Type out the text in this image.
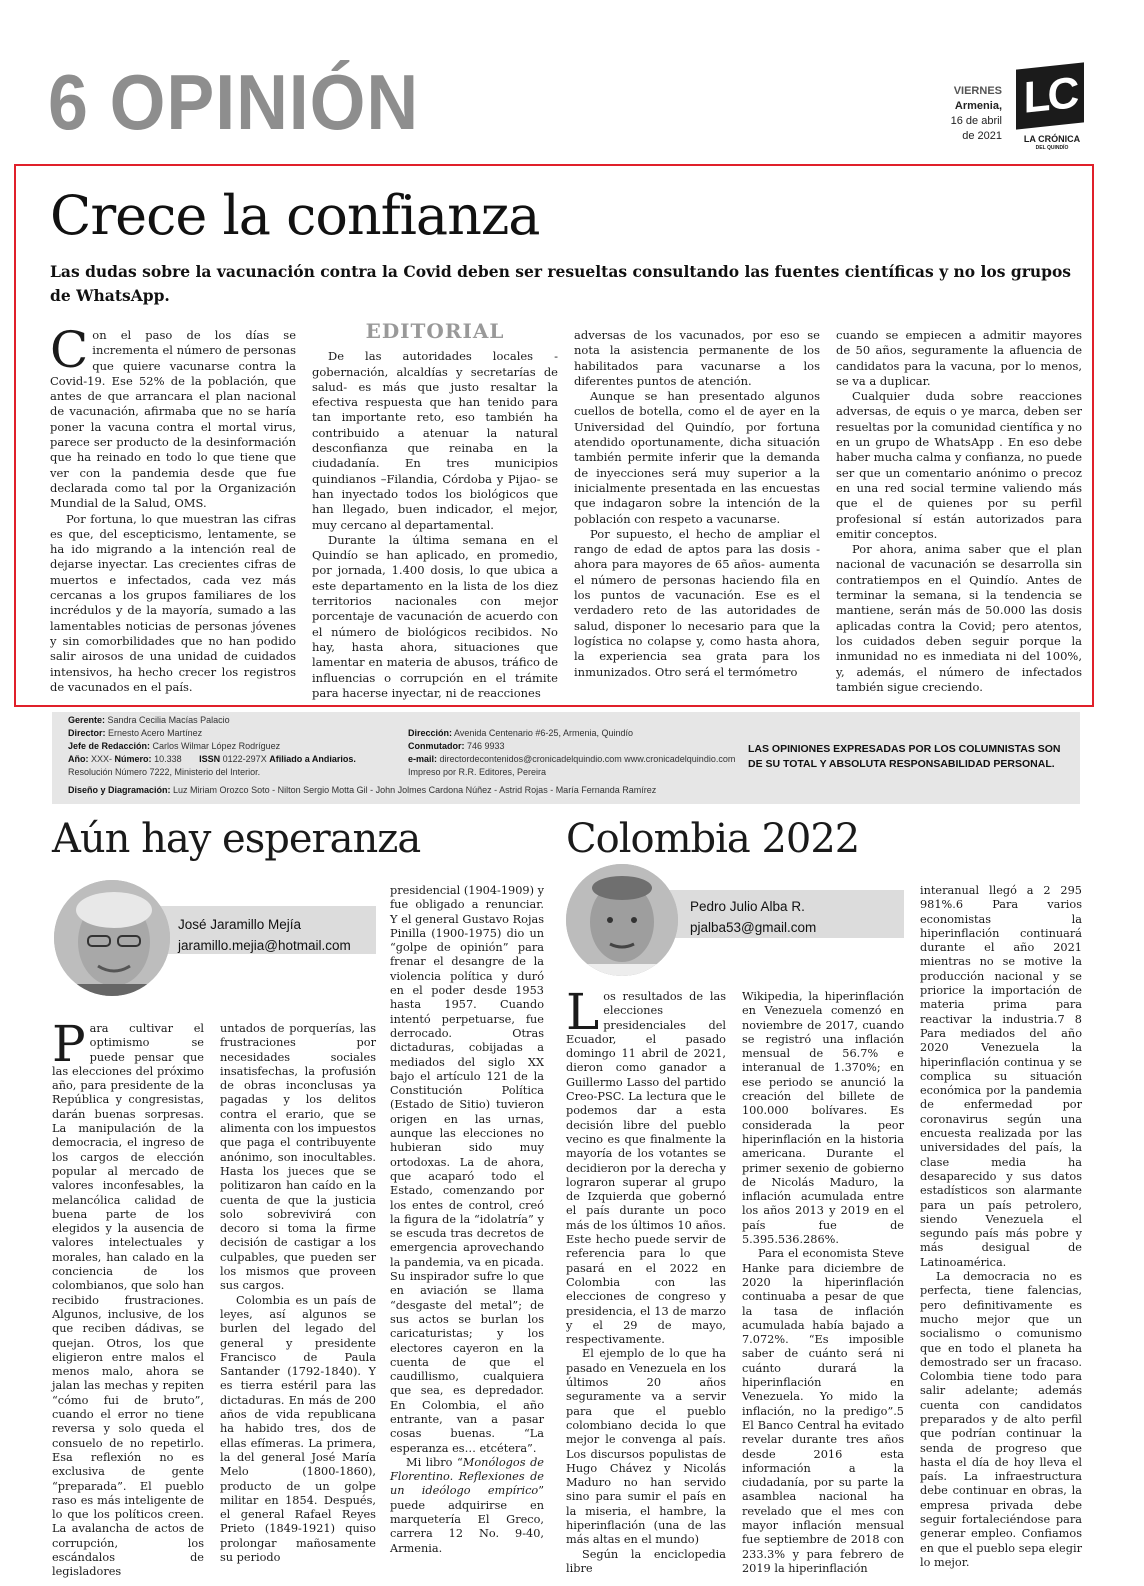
6 OPINIÓN	VIERNES
Armenia,
16 de abril
de 2021
LC
LA CRÓNICA
DEL QUINDÍO
Crece la confianza
Las dudas sobre la vacunación contra la Covid deben ser resueltas consultando las fuentes científicas y no los grupos de WhatsApp.

Con el paso de los días se incrementa el número de personas que quiere vacunarse contra la Covid-19. Ese 52% de la población, que antes de que arrancara el plan nacional de vacunación, afirmaba que no se haría poner la vacuna contra el mortal virus, parece ser producto de la desinformación que ha reinado en todo lo que tiene que ver con la pandemia desde que fue declarada como tal por la Organización Mundial de la Salud, OMS.

Por fortuna, lo que muestran las cifras es que, del escepticismo, lentamente, se ha ido migrando a la intención real de dejarse inyectar. Las crecientes cifras de muertos e infectados, cada vez más cercanas a los grupos familiares de los incrédulos y de la mayoría, sumado a las lamentables noticias de personas jóvenes y sin comorbilidades que no han podido salir airosos de una unidad de cuidados intensivos, ha hecho crecer los registros de vacunados en el país.

EDITORIAL

De las autoridades locales -gobernación, alcaldías y secretarías de salud- es más que justo resaltar la efectiva respuesta que han tenido para tan importante reto, eso también ha contribuido a atenuar la natural desconfianza que reinaba en la ciudadanía. En tres municipios quindianos –Filandia, Córdoba y Pijao- se han inyectado todos los biológicos que han llegado, buen indicador, el mejor, muy cercano al departamental.

Durante la última semana en el Quindío se han aplicado, en promedio, por jornada, 1.400 dosis, lo que ubica a este departamento en la lista de los diez territorios nacionales con mejor porcentaje de vacunación de acuerdo con el número de biológicos recibidos. No hay, hasta ahora, situaciones que lamentar en materia de abusos, tráfico de influencias o corrupción en el trámite para hacerse inyectar, ni de reacciones

adversas de los vacunados, por eso se nota la asistencia permanente de los habilitados para vacunarse a los diferentes puntos de atención.

Aunque se han presentado algunos cuellos de botella, como el de ayer en la Universidad del Quindío, por fortuna atendido oportunamente, dicha situación también permite inferir que la demanda de inyecciones será muy superior a la inicialmente presentada en las encuestas que indagaron sobre la intención de la población con respeto a vacunarse.

Por supuesto, el hecho de ampliar el rango de edad de aptos para las dosis -ahora para mayores de 65 años- aumenta el número de personas haciendo fila en los puntos de vacunación. Ese es el verdadero reto de las autoridades de salud, disponer lo necesario para que la logística no colapse y, como hasta ahora, la experiencia sea grata para los inmunizados. Otro será el termómetro

cuando se empiecen a admitir mayores de 50 años, seguramente la afluencia de candidatos para la vacuna, por lo menos, se va a duplicar.

Cualquier duda sobre reacciones adversas, de equis o ye marca, deben ser resueltas por la comunidad científica y no en un grupo de WhatsApp . En eso debe haber mucha calma y confianza, no puede ser que un comentario anónimo o precoz en una red social termine valiendo más que el de quienes por su perfil profesional sí están autorizados para emitir conceptos.

Por ahora, anima saber que el plan nacional de vacunación se desarrolla sin contratiempos en el Quindío. Antes de terminar la semana, si la tendencia se mantiene, serán más de 50.000 las dosis aplicadas contra la Covid; pero atentos, los cuidados deben seguir porque la inmunidad no es inmediata ni del 100%, y, además, el número de infectados también sigue creciendo.

Gerente: Sandra Cecilia Macías Palacio
Director: Ernesto Acero Martínez
Jefe de Redacción: Carlos Wilmar López Rodríguez
Año: XXX- Número: 10.338 ISSN 0122-297X Afiliado a Andiarios.
Resolución Número 7222, Ministerio del Interior.
Diseño y Diagramación: Luz Miriam Orozco Soto - Nilton Sergio Motta Gil - John Jolmes Cardona Núñez - Astrid Rojas - María Fernanda Ramírez
Dirección: Avenida Centenario #6-25, Armenia, Quindío
Conmutador: 746 9933
e-mail: directordecontenidos@cronicadelquindio.com www.cronicadelquindio.com
Impreso por R.R. Editores, Pereira
LAS OPINIONES EXPRESADAS POR LOS COLUMNISTAS SON DE SU TOTAL Y ABSOLUTA RESPONSABILIDAD PERSONAL.
Aún hay esperanza
José Jaramillo Mejía
jaramillo.mejia@hotmail.com

Para cultivar el optimismo se puede pensar que las elecciones del próximo año, para presidente de la República y congresistas, darán buenas sorpresas. La manipulación de la democracia, el ingreso de los cargos de elección popular al mercado de valores inconfesables, la melancólica calidad de buena parte de los elegidos y la ausencia de valores intelectuales y morales, han calado en la conciencia de los colombianos, que solo han recibido frustraciones. Algunos, inclusive, de los que reciben dádivas, se quejan. Otros, los que eligieron entre malos el menos malo, ahora se jalan las mechas y repiten “cómo fui de bruto”, cuando el error no tiene reversa y solo queda el consuelo de no repetirlo. Esa reflexión no es exclusiva de gente “preparada”. El pueblo raso es más inteligente de lo que los políticos creen. La avalancha de actos de corrupción, los escándalos de legisladores

untados de porquerías, las frustraciones por necesidades sociales insatisfechas, la profusión de obras inconclusas ya pagadas y los delitos contra el erario, que se alimenta con los impuestos que paga el contribuyente anónimo, son inocultables. Hasta los jueces que se politizaron han caído en la cuenta de que la justicia solo sobrevivirá con decoro si toma la firme decisión de castigar a los culpables, que pueden ser los mismos que proveen sus cargos.

Colombia es un país de leyes, así algunos se burlen del legado del general y presidente Francisco de Paula Santander (1792-1840). Y es tierra estéril para las dictaduras. En más de 200 años de vida republicana ha habido tres, dos de ellas efímeras. La primera, la del general José María Melo (1800-1860), producto de un golpe militar en 1854. Después, el general Rafael Reyes Prieto (1849-1921) quiso prolongar mañosamente su periodo

presidencial (1904-1909) y fue obligado a renunciar. Y el general Gustavo Rojas Pinilla (1900-1975) dio un “golpe de opinión” para frenar el desangre de la violencia política y duró en el poder desde 1953 hasta 1957. Cuando intentó perpetuarse, fue derrocado. Otras dictaduras, cobijadas a mediados del siglo XX bajo el artículo 121 de la Constitución Política (Estado de Sitio) tuvieron origen en las urnas, aunque las elecciones no hubieran sido muy ortodoxas. La de ahora, que acaparó todo el Estado, comenzando por los entes de control, creó la figura de la “idolatría” y se escuda tras decretos de emergencia aprovechando la pandemia, va en picada. Su inspirador sufre lo que en aviación se llama “desgaste del metal”; de sus actos se burlan los caricaturistas; y los electores cayeron en la cuenta de que el caudillismo, cualquiera que sea, es depredador. En Colombia, el año entrante, van a pasar cosas buenas. “La esperanza es… etcétera”.

Mi libro “Monólogos de Florentino. Reflexiones de un ideólogo empírico” puede adquirirse en marquetería El Greco, carrera 12 No. 9-40, Armenia.

Colombia 2022
Pedro Julio Alba R.
pjalba53@gmail.com

Los resultados de las elecciones presidenciales del Ecuador, el pasado domingo 11 abril de 2021, dieron como ganador a Guillermo Lasso del partido Creo-PSC. La lectura que le podemos dar a esta decisión libre del pueblo vecino es que finalmente la mayoría de los votantes se decidieron por la derecha y lograron superar al grupo de Izquierda que gobernó el país durante un poco más de los últimos 10 años. Este hecho puede servir de referencia para lo que pasará en el 2022 en Colombia con las elecciones de congreso y presidencia, el 13 de marzo y el 29 de mayo, respectivamente.

El ejemplo de lo que ha pasado en Venezuela en los últimos 20 años seguramente va a servir para que el pueblo colombiano decida lo que mejor le convenga al país. Los discursos populistas de Hugo Chávez y Nicolás Maduro no han servido sino para sumir el país en la miseria, el hambre, la hiperinflación (una de las más altas en el mundo)

Según la enciclopedia libre

Wikipedia, la hiperinflación en Venezuela comenzó en noviembre de 2017, cuando se registró una inflación mensual de 56.7% e interanual de 1.370%; en ese periodo se anunció la creación del billete de 100.000 bolívares. Es considerada la peor hiperinflación en la historia americana. Durante el primer sexenio de gobierno de Nicolás Maduro, la inflación acumulada entre los años 2013 y 2019 en el país fue de 5.395.536.286%.

Para el economista Steve Hanke para diciembre de 2020 la hiperinflación continuaba a pesar de que la tasa de inflación acumulada había bajado a 7.072%. “Es imposible saber de cuánto será ni cuánto durará la hiperinflación en Venezuela. Yo mido la inflación, no la predigo”.5 El Banco Central ha evitado revelar durante tres años desde 2016 esta información a la ciudadanía, por su parte la asamblea nacional ha revelado que el mes con mayor inflación mensual fue septiembre de 2018 con 233.3% y para febrero de 2019 la hiperinflación

interanual llegó a 2 295 981%.6 Para varios economistas la hiperinflación continuará durante el año 2021 mientras no se motive la producción nacional y se priorice la importación de materia prima para reactivar la industria.7 8 Para mediados del año 2020 Venezuela la hiperinflación continua y se complica su situación económica por la pandemia de enfermedad por coronavirus según una encuesta realizada por las universidades del país, la clase media ha desaparecido y sus datos estadísticos son alarmante para un país petrolero, siendo Venezuela el segundo país más pobre y más desigual de Latinoamérica.

La democracia no es perfecta, tiene falencias, pero definitivamente es mucho mejor que un socialismo o comunismo que en todo el planeta ha demostrado ser un fracaso. Colombia tiene todo para salir adelante; además cuenta con candidatos preparados y de alto perfil que podrían continuar la senda de progreso que hasta el día de hoy lleva el país. La infraestructura debe continuar en obras, la empresa privada debe seguir fortaleciéndose para generar empleo. Confiamos en que el pueblo sepa elegir lo mejor.
